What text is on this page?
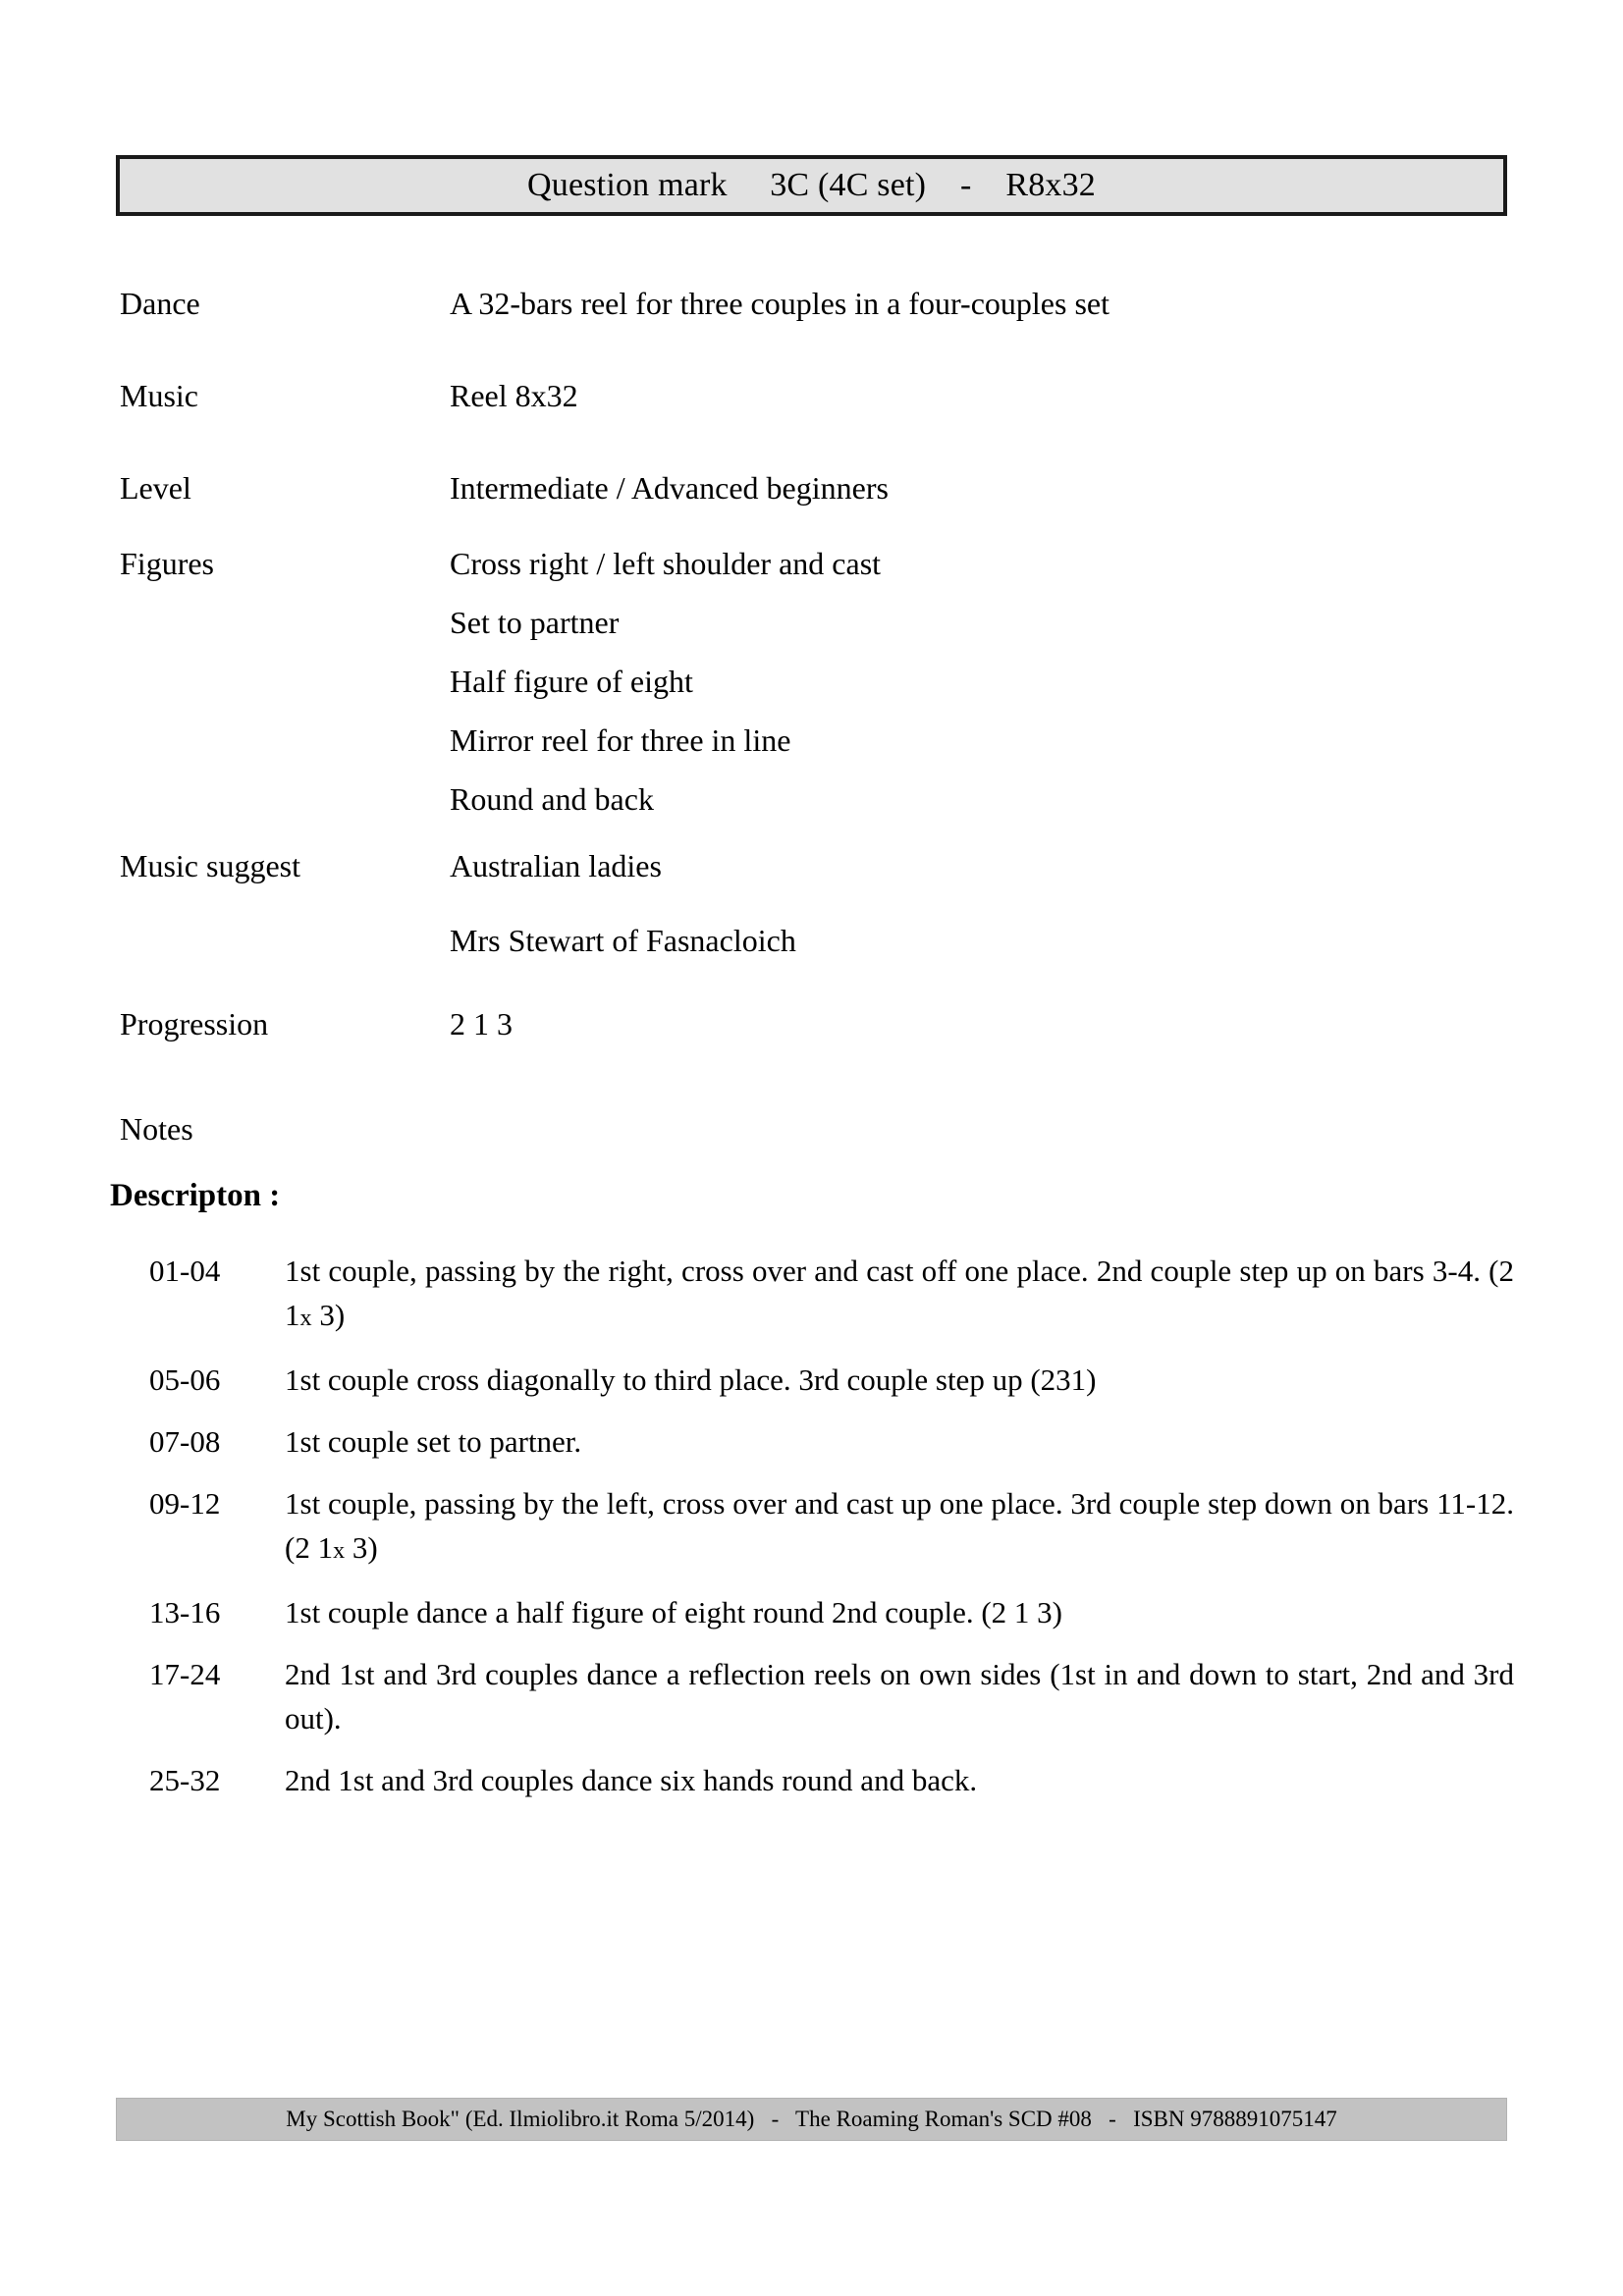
Question mark     3C (4C set)    -    R8x32
Dance	A 32-bars reel for three couples in a four-couples set
Music	Reel 8x32
Level	Intermediate / Advanced beginners
Figures	Cross right / left shoulder and cast
Set to partner
Half figure of eight
Mirror reel for three in line
Round and back
Music suggest	Australian ladies
Mrs Stewart of Fasnacloich
Progression	2 1 3
Notes
Descripton :
01-04	1st couple, passing by the right, cross over and cast off one place. 2nd couple step up on bars 3-4. (2 1x 3)
05-06	1st couple cross diagonally to third place. 3rd couple step up (231)
07-08	1st couple set to partner.
09-12	1st couple, passing by the left, cross over and cast up one place. 3rd couple step down on bars 11-12. (2 1x 3)
13-16	1st couple dance a half figure of eight round 2nd couple. (2 1 3)
17-24	2nd 1st and 3rd couples dance a reflection reels on own sides (1st in and down to start, 2nd and 3rd out).
25-32	2nd 1st and 3rd couples dance six hands round and back.
My Scottish Book" (Ed. Ilmiolibro.it Roma 5/2014)   -   The Roaming Roman's SCD #08   -   ISBN 9788891075147
